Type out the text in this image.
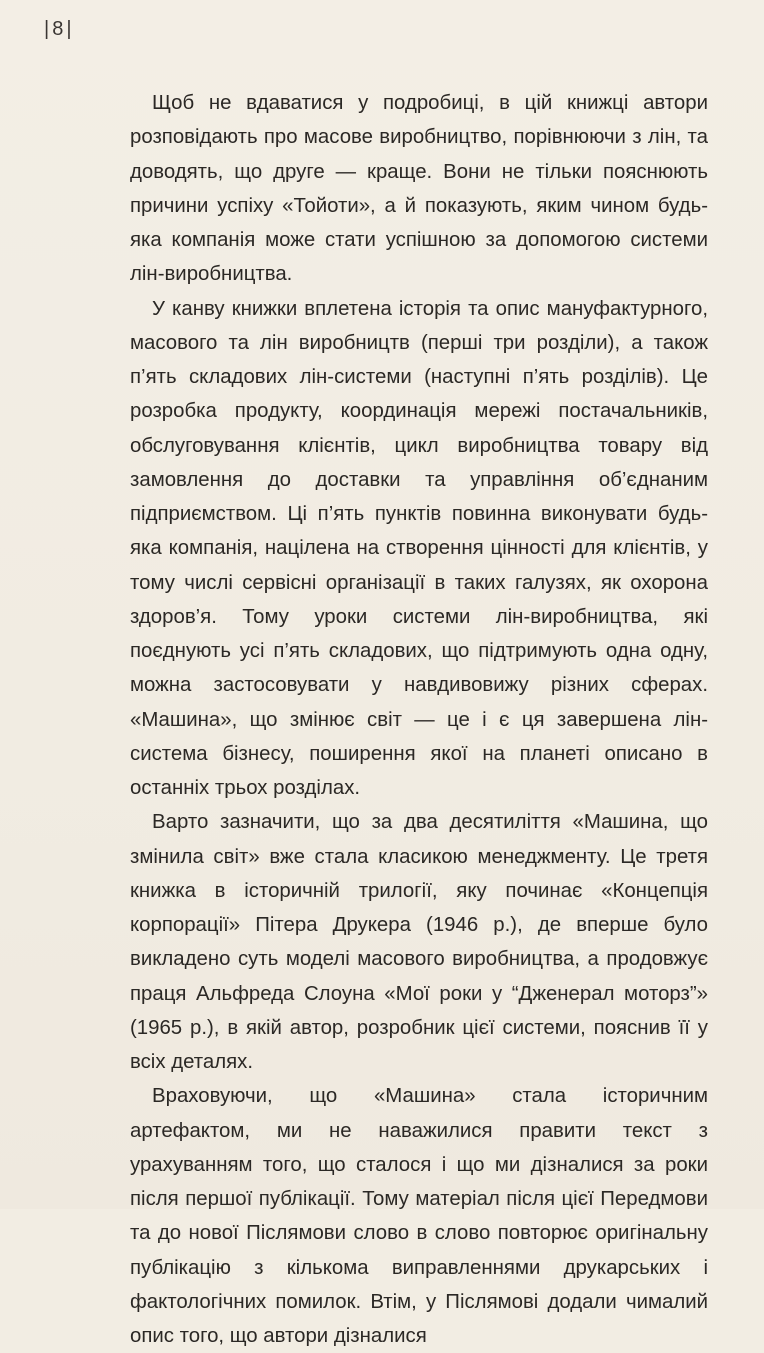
|8|

Щоб не вдаватися у подробиці, в цій книжці автори розповідають про масове виробництво, порівнюючи з лін, та доводять, що друге — краще. Вони не тільки пояснюють причини успіху «Тойоти», а й показують, яким чином будь-яка компанія може стати успішною за допомогою системи лін-виробництва.

У канву книжки вплетена історія та опис мануфактурного, масового та лін виробництв (перші три розділи), а також п’ять складових лін-системи (наступні п’ять розділів). Це розробка продукту, координація мережі постачальників, обслуговування клієнтів, цикл виробництва товару від замовлення до доставки та управління об’єднаним підприємством. Ці п’ять пунктів повинна виконувати будь-яка компанія, націлена на створення цінності для клієнтів, у тому числі сервісні організації в таких галузях, як охорона здоров’я. Тому уроки системи лін-виробництва, які поєднують усі п’ять складових, що підтримують одна одну, можна застосовувати у навдивовижу різних сферах. «Машина», що змінює світ — це і є ця завершена лін-система бізнесу, поширення якої на планеті описано в останніх трьох розділах.

Варто зазначити, що за два десятиліття «Машина, що змінила світ» вже стала класикою менеджменту. Це третя книжка в історичній трилогії, яку починає «Концепція корпорації» Пітера Друкера (1946 р.), де вперше було викладено суть моделі масового виробництва, а продовжує праця Альфреда Слоуна «Мої роки у “Дженерал моторз”» (1965 р.), в якій автор, розробник цієї системи, пояснив її у всіх деталях.

Враховуючи, що «Машина» стала історичним артефактом, ми не наважилися правити текст з урахуванням того, що сталося і що ми дізналися за роки після першої публікації. Тому матеріал після цієї Передмови та до нової Післямови слово в слово повторює оригінальну публікацію з кількома виправленнями друкарських і фактологічних помилок. Втім, у Післямові додали чималий опис того, що автори дізналися
